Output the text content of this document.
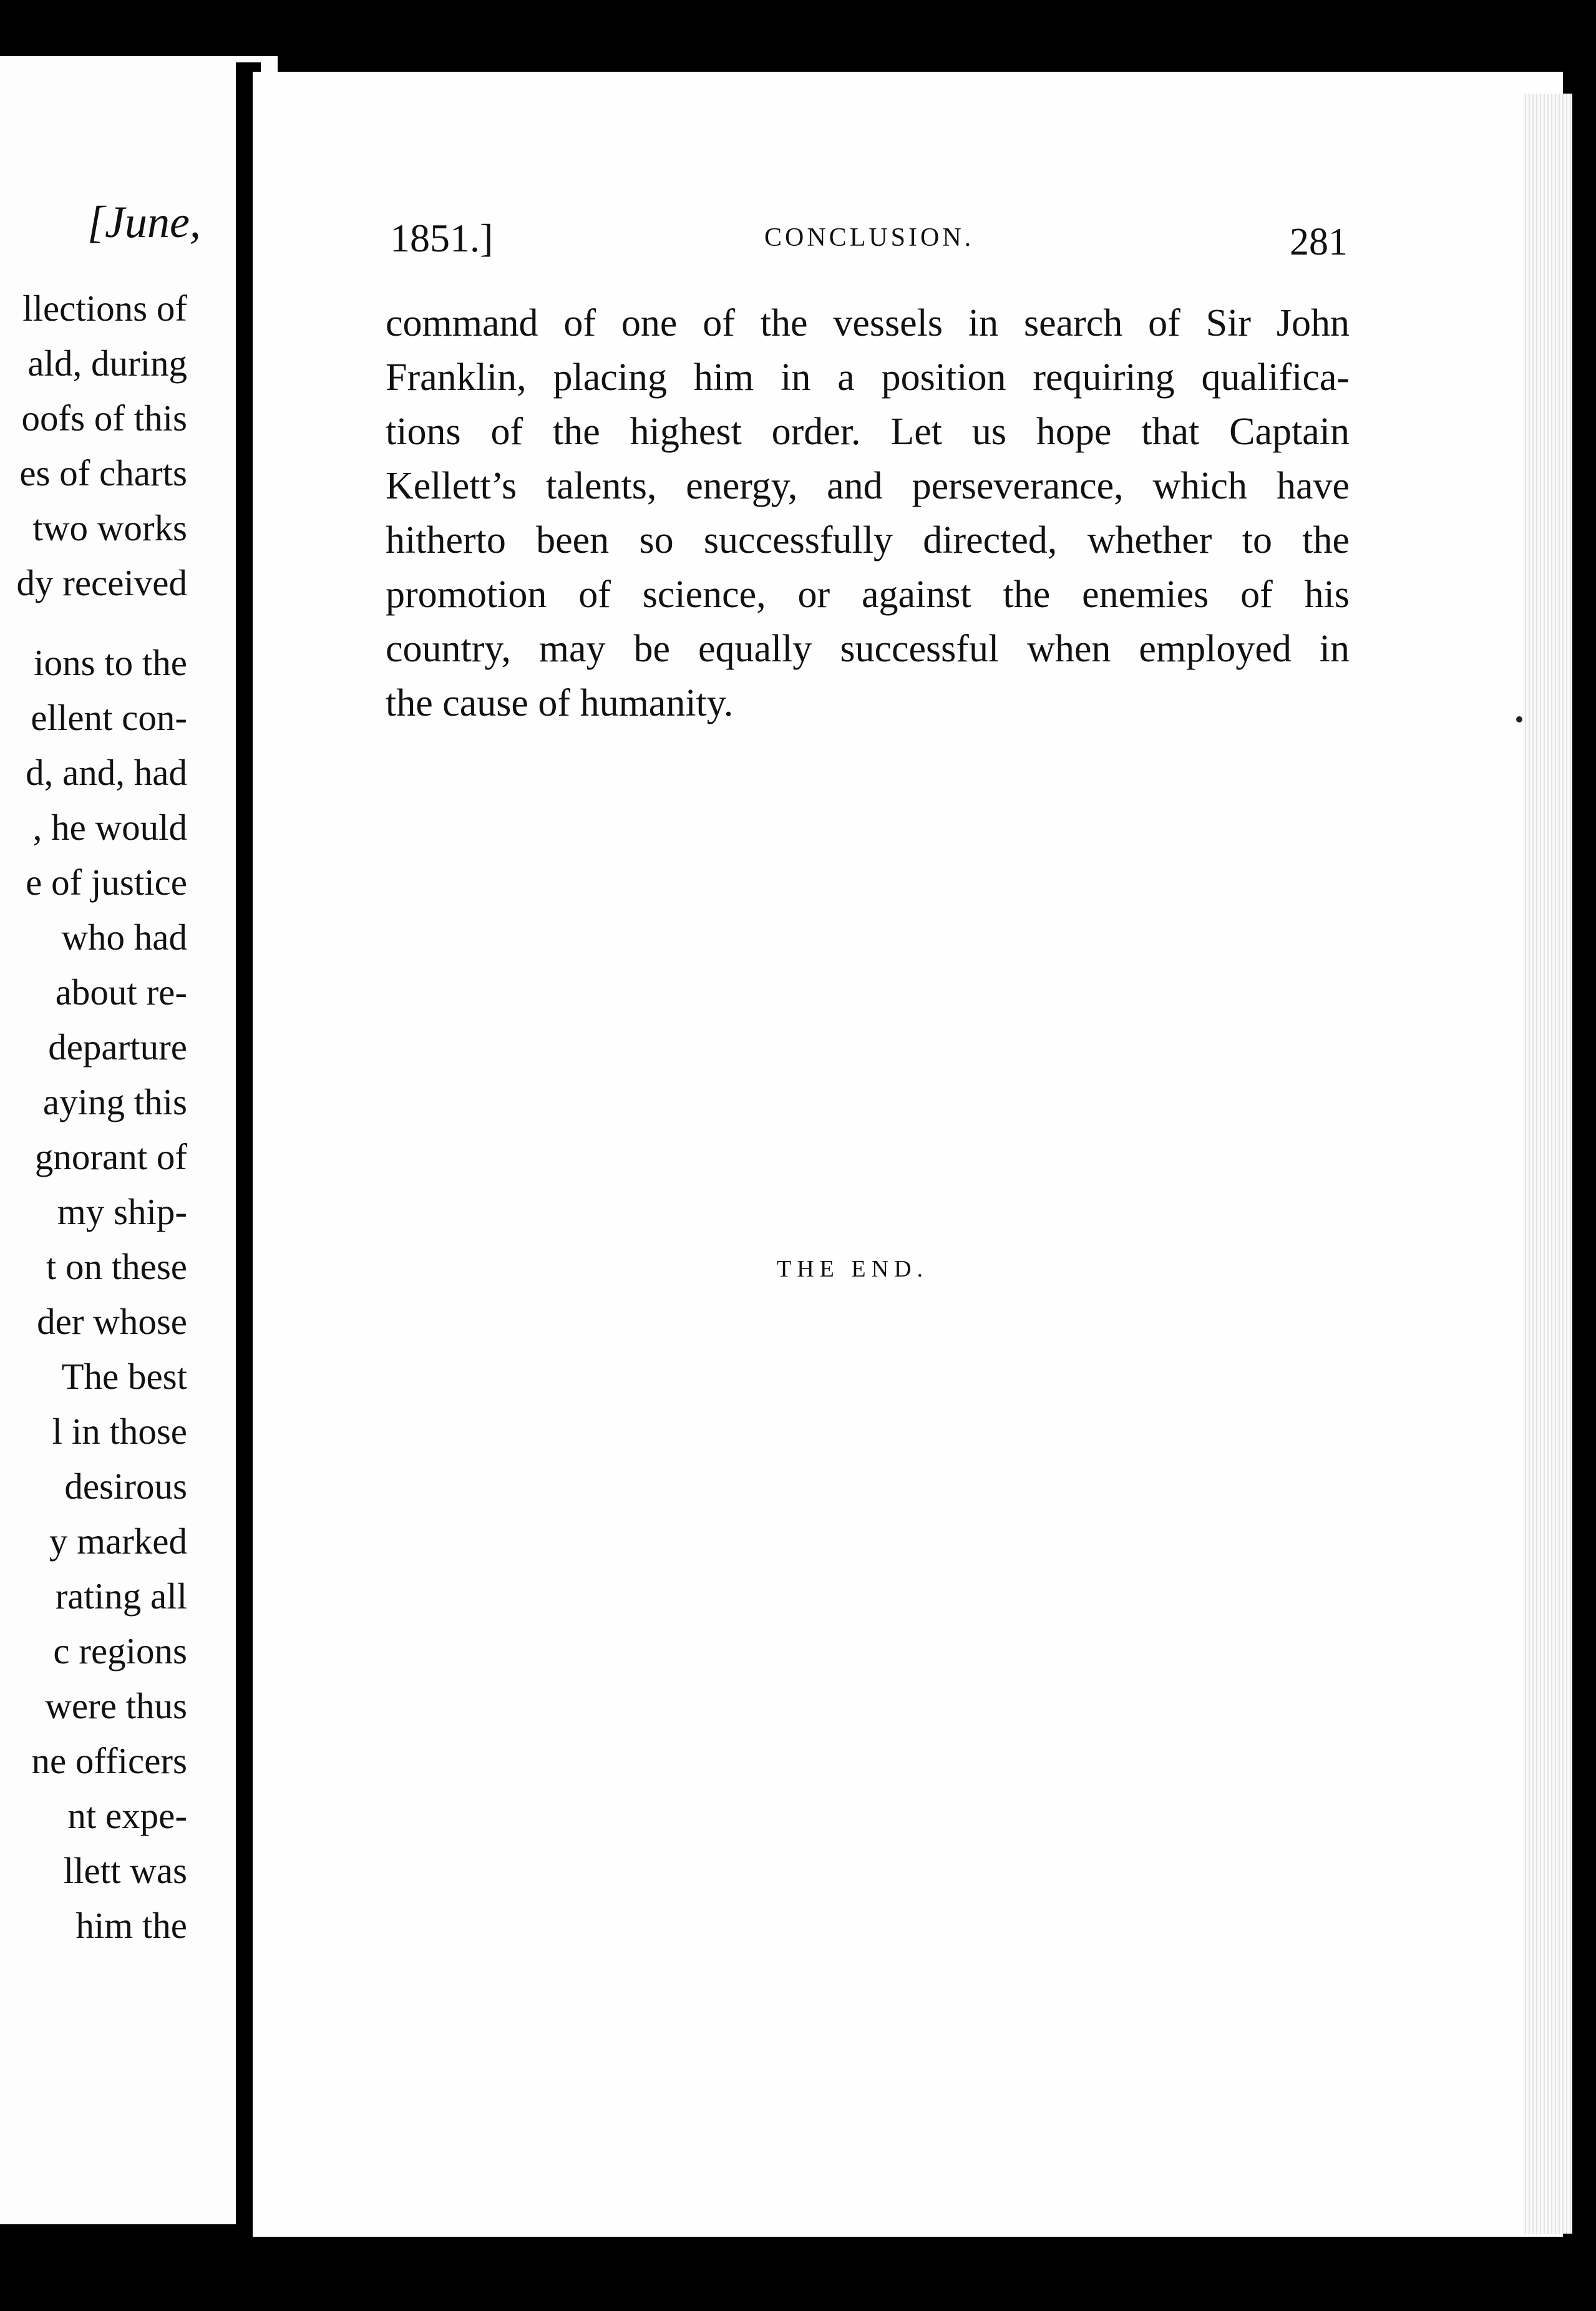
[June,
llections of
ald, during
oofs of this
es of charts
two works
dy received
ions to the
ellent con-
d, and, had
, he would
e of justice
who had
about re-
departure
aying this
gnorant of
my ship-
t on these
der whose
The best
l in those
desirous
y marked
rating all
c regions
were thus
ne officers
nt expe-
llett was
him the
1851.]	CONCLUSION.	281
command of one of the vessels in search of Sir John
Franklin, placing him in a position requiring qualifica-
tions of the highest order. Let us hope that Captain
Kellett’s talents, energy, and perseverance, which have
hitherto been so successfully directed, whether to the
promotion of science, or against the enemies of his
country, may be equally successful when employed in
the cause of humanity.
THE END.
